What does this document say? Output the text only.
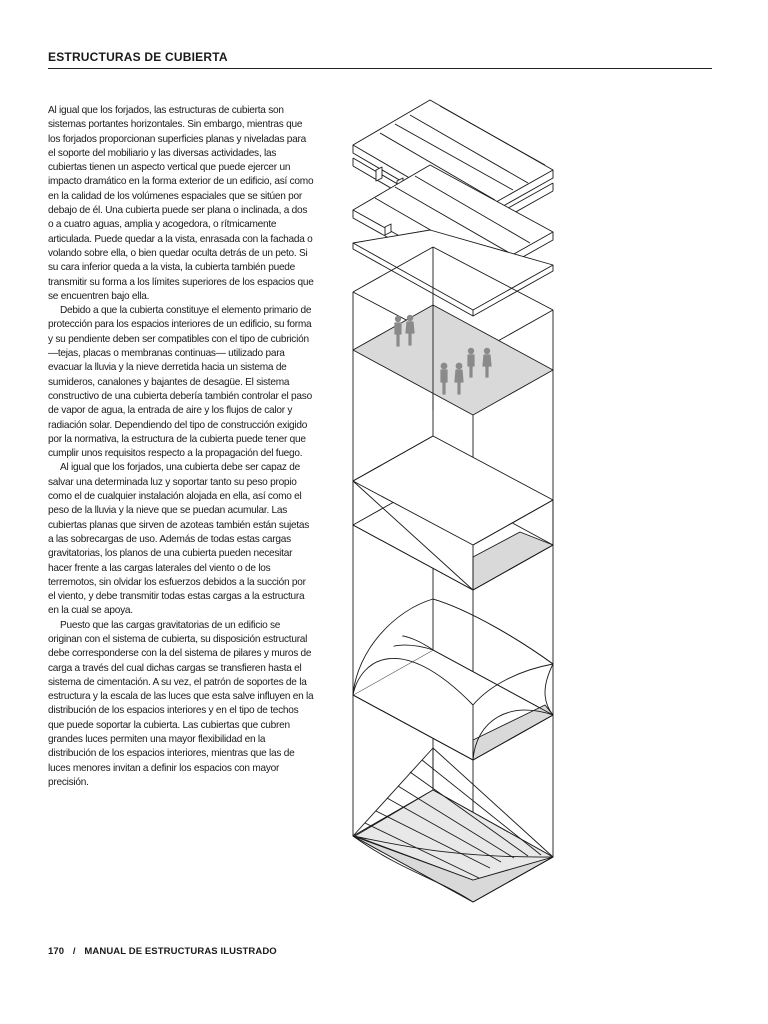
ESTRUCTURAS DE CUBIERTA

Al igual que los forjados, las estructuras de cubierta son sistemas portantes horizontales. Sin embargo, mientras que los forjados proporcionan superficies planas y niveladas para el soporte del mobiliario y las diversas actividades, las cubiertas tienen un aspecto vertical que puede ejercer un impacto dramático en la forma exterior de un edificio, así como en la calidad de los volúmenes espaciales que se sitúen por debajo de él. Una cubierta puede ser plana o inclinada, a dos o a cuatro aguas, amplia y acogedora, o rítmicamente articulada. Puede quedar a la vista, enrasada con la fachada o volando sobre ella, o bien quedar oculta detrás de un peto. Si su cara inferior queda a la vista, la cubierta también puede transmitir su forma a los límites superiores de los espacios que se encuentren bajo ella.

Debido a que la cubierta constituye el elemento primario de protección para los espacios interiores de un edificio, su forma y su pendiente deben ser compatibles con el tipo de cubrición —tejas, placas o membranas continuas— utilizado para evacuar la lluvia y la nieve derretida hacia un sistema de sumideros, canalones y bajantes de desagüe. El sistema constructivo de una cubierta debería también controlar el paso de vapor de agua, la entrada de aire y los flujos de calor y radiación solar. Dependiendo del tipo de construcción exigido por la normativa, la estructura de la cubierta puede tener que cumplir unos requisitos respecto a la propagación del fuego.

Al igual que los forjados, una cubierta debe ser capaz de salvar una determinada luz y soportar tanto su peso propio como el de cualquier instalación alojada en ella, así como el peso de la lluvia y la nieve que se puedan acumular. Las cubiertas planas que sirven de azoteas también están sujetas a las sobrecargas de uso. Además de todas estas cargas gravitatorias, los planos de una cubierta pueden necesitar hacer frente a las cargas laterales del viento o de los terremotos, sin olvidar los esfuerzos debidos a la succión por el viento, y debe transmitir todas estas cargas a la estructura en la cual se apoya.

Puesto que las cargas gravitatorias de un edificio se originan con el sistema de cubierta, su disposición estructural debe corresponderse con la del sistema de pilares y muros de carga a través del cual dichas cargas se transfieren hasta el sistema de cimentación. A su vez, el patrón de soportes de la estructura y la escala de las luces que esta salve influyen en la distribución de los espacios interiores y en el tipo de techos que puede soportar la cubierta. Las cubiertas que cubren grandes luces permiten una mayor flexibilidad en la distribución de los espacios interiores, mientras que las de luces menores invitan a definir los espacios con mayor precisión.

170 / MANUAL DE ESTRUCTURAS ILUSTRADO
